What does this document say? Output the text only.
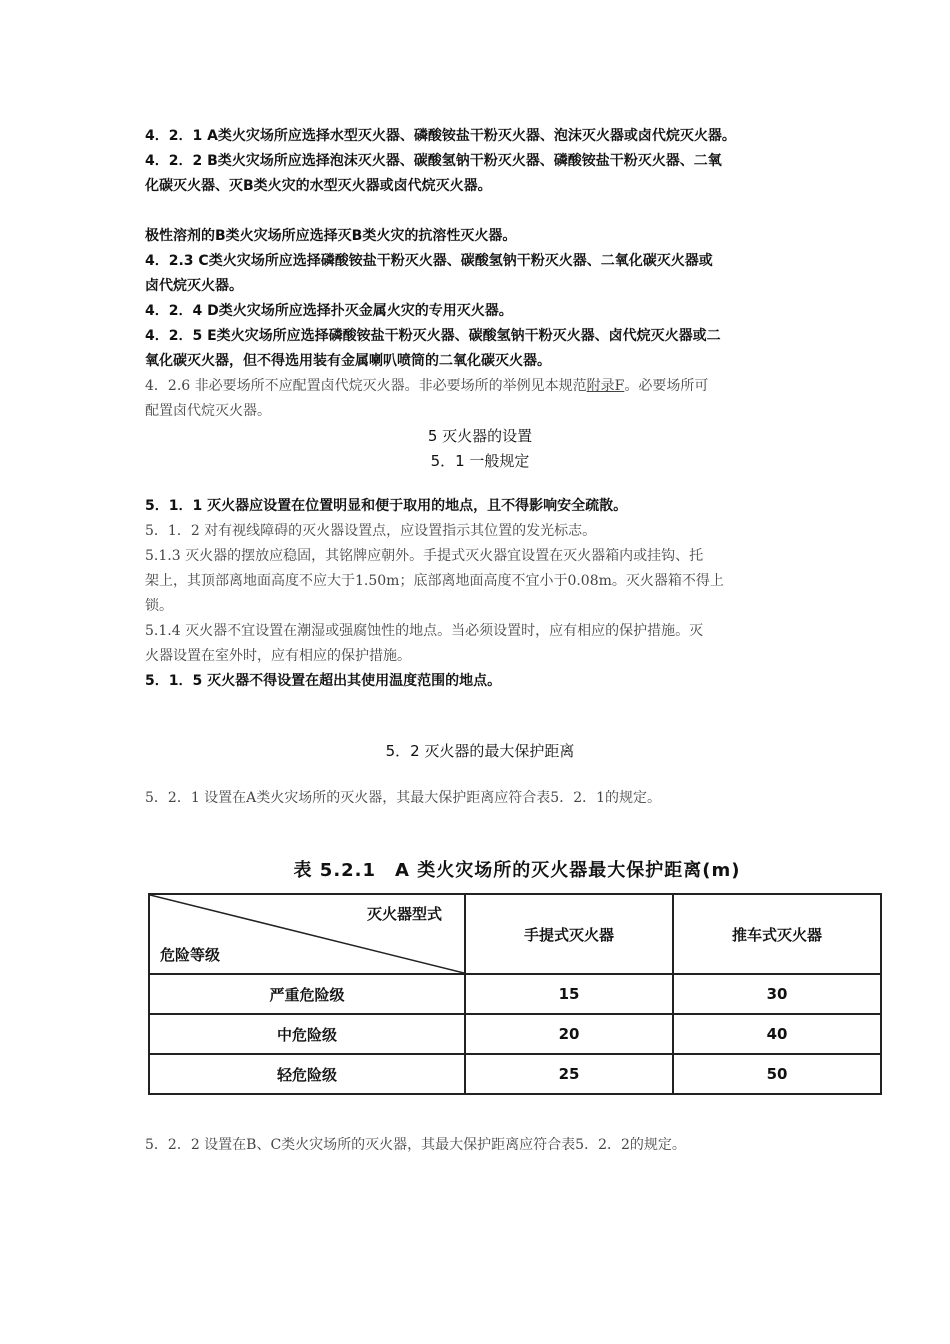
4．2．1 A类火灾场所应选择水型灭火器、磷酸铵盐干粉灭火器、泡沫灭火器或卤代烷灭火器。

4．2．2 B类火灾场所应选择泡沫灭火器、碳酸氢钠干粉灭火器、磷酸铵盐干粉灭火器、二氧

化碳灭火器、灭B类火灾的水型灭火器或卤代烷灭火器。

极性溶剂的B类火灾场所应选择灭B类火灾的抗溶性灭火器。

4．2.3 C类火灾场所应选择磷酸铵盐干粉灭火器、碳酸氢钠干粉灭火器、二氧化碳灭火器或

卤代烷灭火器。

4．2．4 D类火灾场所应选择扑灭金属火灾的专用灭火器。

4．2．5 E类火灾场所应选择磷酸铵盐干粉灭火器、碳酸氢钠干粉灭火器、卤代烷灭火器或二

氧化碳灭火器，但不得选用装有金属喇叭喷筒的二氧化碳灭火器。

4．2.6 非必要场所不应配置卤代烷灭火器。非必要场所的举例见本规范附录F。必要场所可

配置卤代烷灭火器。

5 灭火器的设置

5．1 一般规定

5．1．1 灭火器应设置在位置明显和便于取用的地点，且不得影响安全疏散。

5．1．2 对有视线障碍的灭火器设置点，应设置指示其位置的发光标志。

5.1.3 灭火器的摆放应稳固，其铭牌应朝外。手提式灭火器宜设置在灭火器箱内或挂钩、托

架上，其顶部离地面高度不应大于1.50m；底部离地面高度不宜小于0.08m。灭火器箱不得上

锁。

5.1.4 灭火器不宜设置在潮湿或强腐蚀性的地点。当必须设置时，应有相应的保护措施。灭

火器设置在室外时，应有相应的保护措施。

5．1．5 灭火器不得设置在超出其使用温度范围的地点。

5．2 灭火器的最大保护距离

5．2．1 设置在A类火灾场所的灭火器，其最大保护距离应符合表5．2．1的规定。

表 5.2.1　A 类火灾场所的灭火器最大保护距离(m)

灭火器型式
危险等级	手提式灭火器	推车式灭火器
严重危险级	15	30
中危险级	20	40
轻危险级	25	50

5．2．2 设置在B、C类火灾场所的灭火器，其最大保护距离应符合表5．2．2的规定。
